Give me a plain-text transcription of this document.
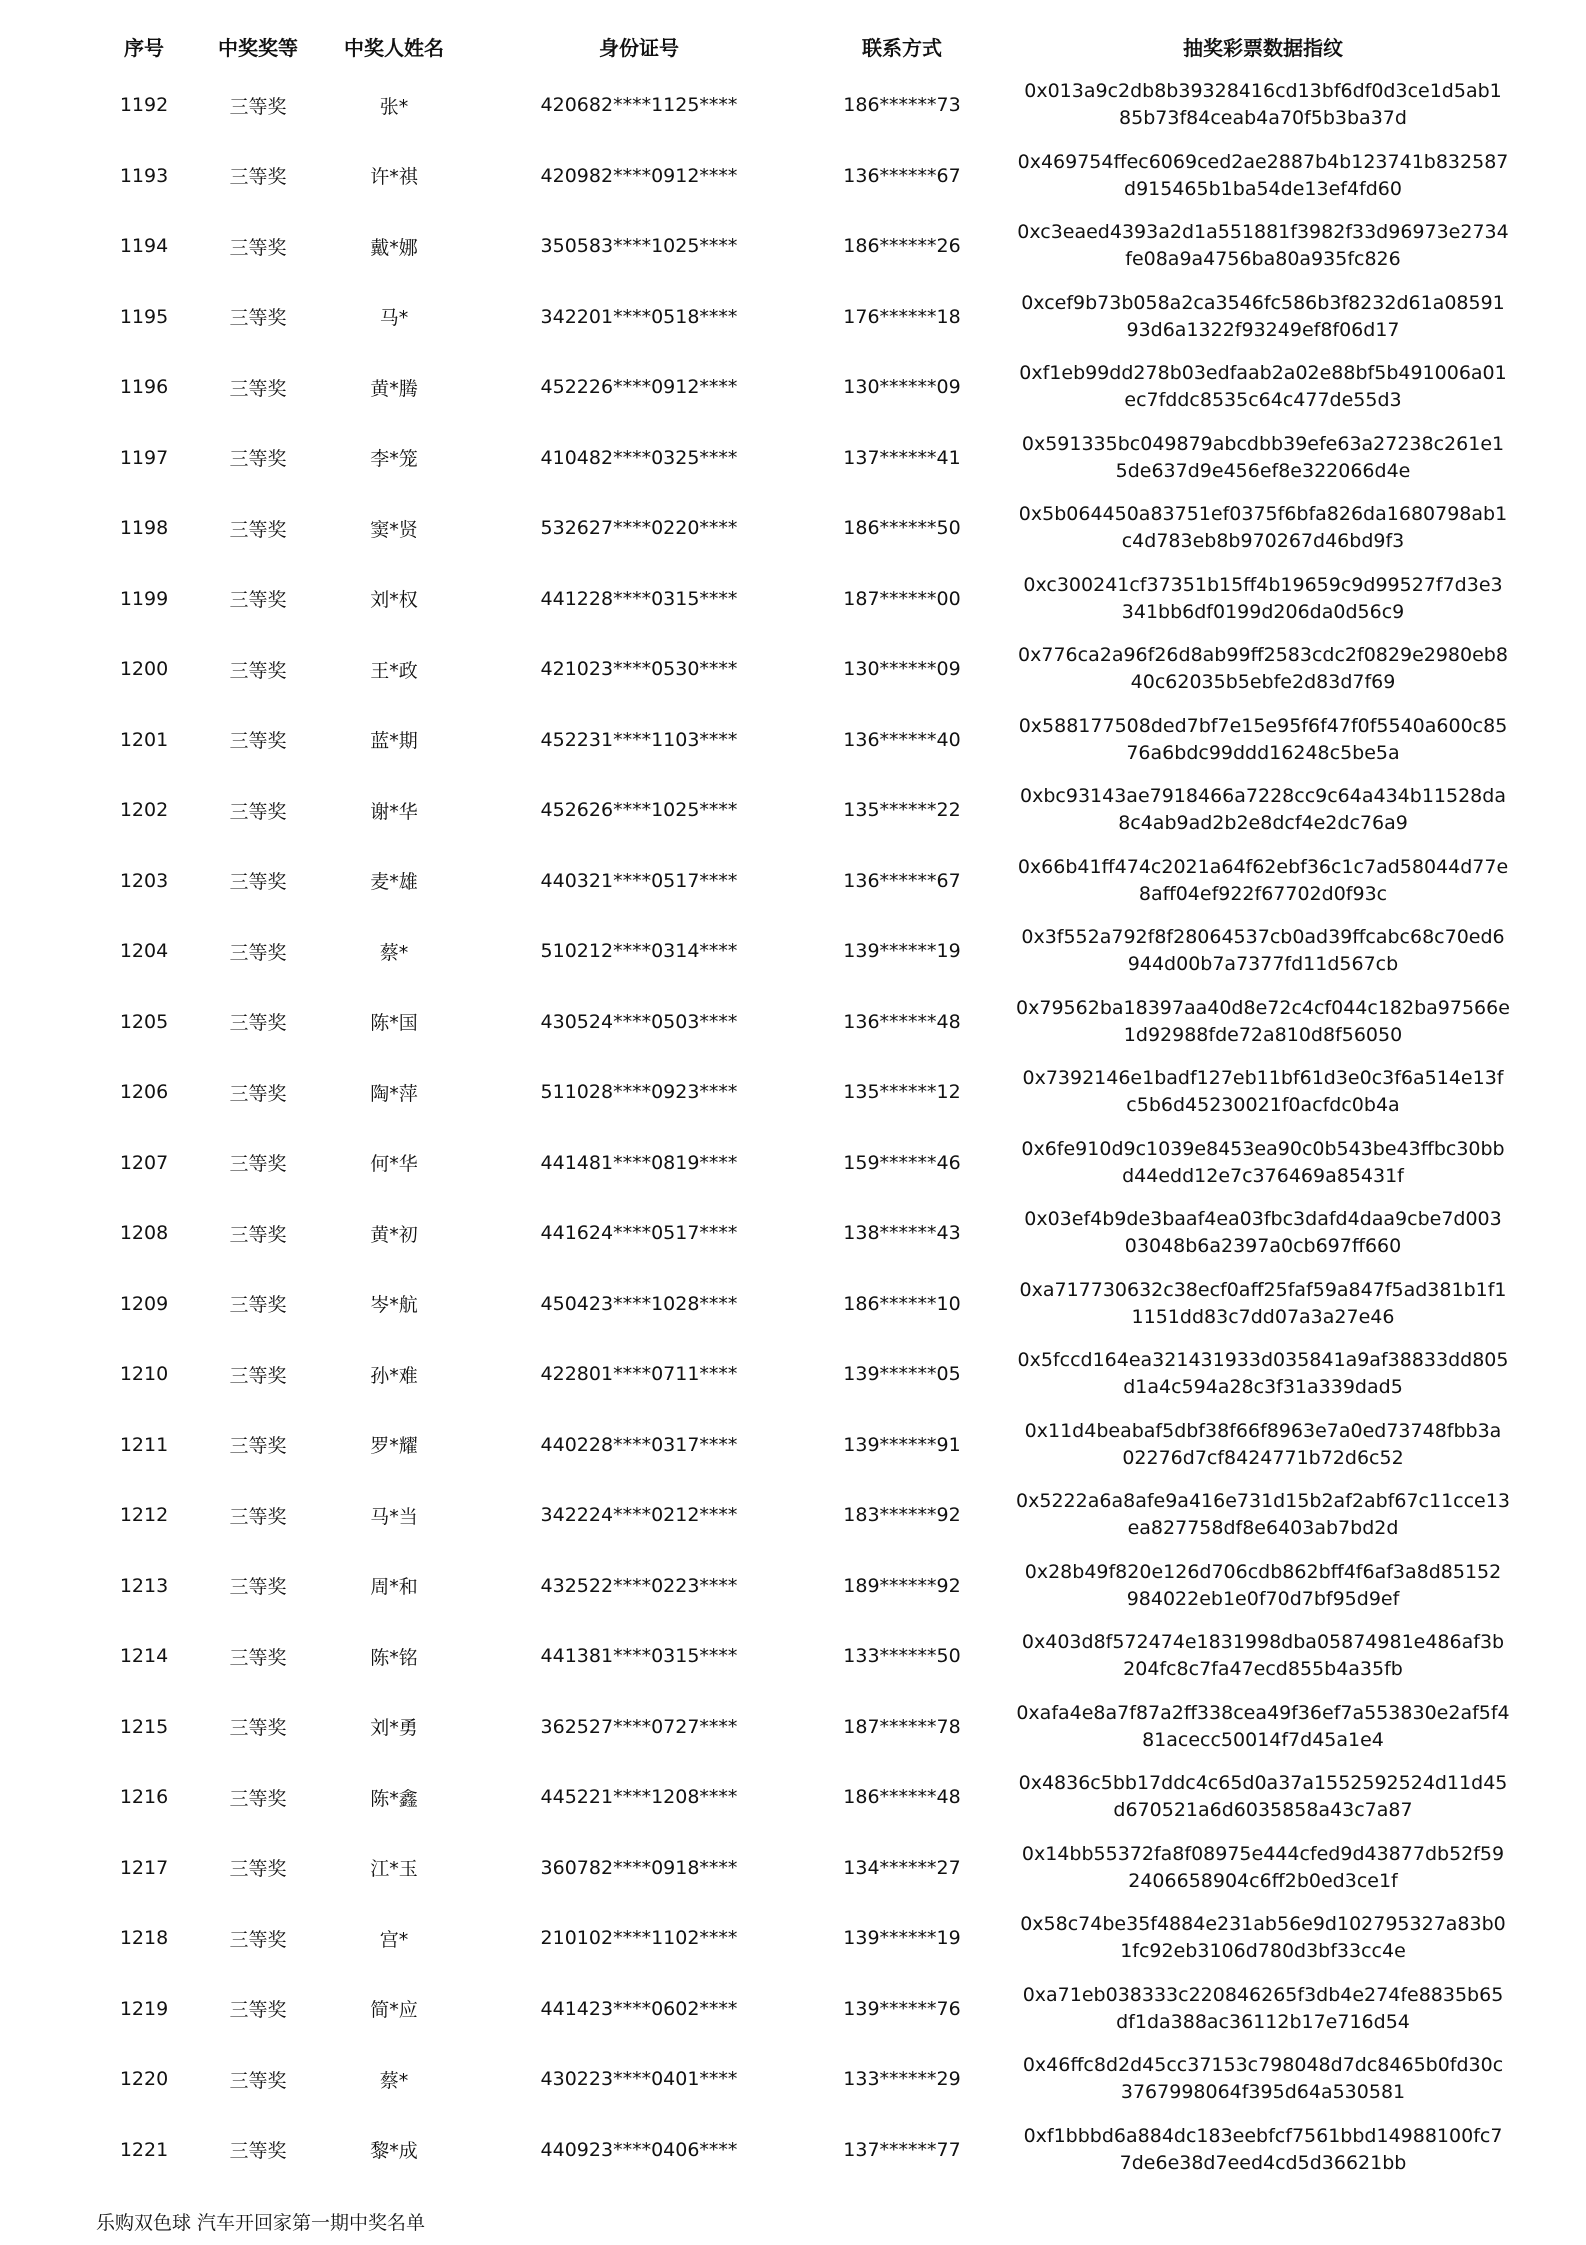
序号	中奖奖等	中奖人姓名	身份证号	联系方式	抽奖彩票数据指纹
1192	三等奖	张*	420682****1125****	186******73	0x013a9c2db8b39328416cd13bf6df0d3ce1d5ab1
85b73f84ceab4a70f5b3ba37d

1193	三等奖	许*祺	420982****0912****	136******67	0x469754ffec6069ced2ae2887b4b123741b832587
d915465b1ba54de13ef4fd60

1194	三等奖	戴*娜	350583****1025****	186******26	0xc3eaed4393a2d1a551881f3982f33d96973e2734
fe08a9a4756ba80a935fc826

1195	三等奖	马*	342201****0518****	176******18	0xcef9b73b058a2ca3546fc586b3f8232d61a08591
93d6a1322f93249ef8f06d17

1196	三等奖	黄*腾	452226****0912****	130******09	0xf1eb99dd278b03edfaab2a02e88bf5b491006a01
ec7fddc8535c64c477de55d3

1197	三等奖	李*笼	410482****0325****	137******41	0x591335bc049879abcdbb39efe63a27238c261e1
5de637d9e456ef8e322066d4e

1198	三等奖	窦*贤	532627****0220****	186******50	0x5b064450a83751ef0375f6bfa826da1680798ab1
c4d783eb8b970267d46bd9f3

1199	三等奖	刘*权	441228****0315****	187******00	0xc300241cf37351b15ff4b19659c9d99527f7d3e3
341bb6df0199d206da0d56c9

1200	三等奖	王*政	421023****0530****	130******09	0x776ca2a96f26d8ab99ff2583cdc2f0829e2980eb8
40c62035b5ebfe2d83d7f69

1201	三等奖	蓝*期	452231****1103****	136******40	0x588177508ded7bf7e15e95f6f47f0f5540a600c85
76a6bdc99ddd16248c5be5a

1202	三等奖	谢*华	452626****1025****	135******22	0xbc93143ae7918466a7228cc9c64a434b11528da
8c4ab9ad2b2e8dcf4e2dc76a9

1203	三等奖	麦*雄	440321****0517****	136******67	0x66b41ff474c2021a64f62ebf36c1c7ad58044d77e
8aff04ef922f67702d0f93c

1204	三等奖	蔡*	510212****0314****	139******19	0x3f552a792f8f28064537cb0ad39ffcabc68c70ed6
944d00b7a7377fd11d567cb

1205	三等奖	陈*国	430524****0503****	136******48	0x79562ba18397aa40d8e72c4cf044c182ba97566e
1d92988fde72a810d8f56050

1206	三等奖	陶*萍	511028****0923****	135******12	0x7392146e1badf127eb11bf61d3e0c3f6a514e13f
c5b6d45230021f0acfdc0b4a

1207	三等奖	何*华	441481****0819****	159******46	0x6fe910d9c1039e8453ea90c0b543be43ffbc30bb
d44edd12e7c376469a85431f

1208	三等奖	黄*初	441624****0517****	138******43	0x03ef4b9de3baaf4ea03fbc3dafd4daa9cbe7d003
03048b6a2397a0cb697ff660

1209	三等奖	岑*航	450423****1028****	186******10	0xa717730632c38ecf0aff25faf59a847f5ad381b1f1
1151dd83c7dd07a3a27e46

1210	三等奖	孙*难	422801****0711****	139******05	0x5fccd164ea321431933d035841a9af38833dd805
d1a4c594a28c3f31a339dad5

1211	三等奖	罗*耀	440228****0317****	139******91	0x11d4beabaf5dbf38f66f8963e7a0ed73748fbb3a
02276d7cf8424771b72d6c52

1212	三等奖	马*当	342224****0212****	183******92	0x5222a6a8afe9a416e731d15b2af2abf67c11cce13
ea827758df8e6403ab7bd2d

1213	三等奖	周*和	432522****0223****	189******92	0x28b49f820e126d706cdb862bff4f6af3a8d85152
984022eb1e0f70d7bf95d9ef

1214	三等奖	陈*铭	441381****0315****	133******50	0x403d8f572474e1831998dba05874981e486af3b
204fc8c7fa47ecd855b4a35fb

1215	三等奖	刘*勇	362527****0727****	187******78	0xafa4e8a7f87a2ff338cea49f36ef7a553830e2af5f4
81acecc50014f7d45a1e4

1216	三等奖	陈*鑫	445221****1208****	186******48	0x4836c5bb17ddc4c65d0a37a1552592524d11d45
d670521a6d6035858a43c7a87

1217	三等奖	江*玉	360782****0918****	134******27	0x14bb55372fa8f08975e444cfed9d43877db52f59
2406658904c6ff2b0ed3ce1f

1218	三等奖	宫*	210102****1102****	139******19	0x58c74be35f4884e231ab56e9d102795327a83b0
1fc92eb3106d780d3bf33cc4e

1219	三等奖	简*应	441423****0602****	139******76	0xa71eb038333c220846265f3db4e274fe8835b65
df1da388ac36112b17e716d54

1220	三等奖	蔡*	430223****0401****	133******29	0x46ffc8d2d45cc37153c798048d7dc8465b0fd30c
3767998064f395d64a530581

1221	三等奖	黎*成	440923****0406****	137******77	0xf1bbbd6a884dc183eebfcf7561bbd14988100fc7
7de6e38d7eed4cd5d36621bb
乐购双色球 汽车开回家第一期中奖名单
